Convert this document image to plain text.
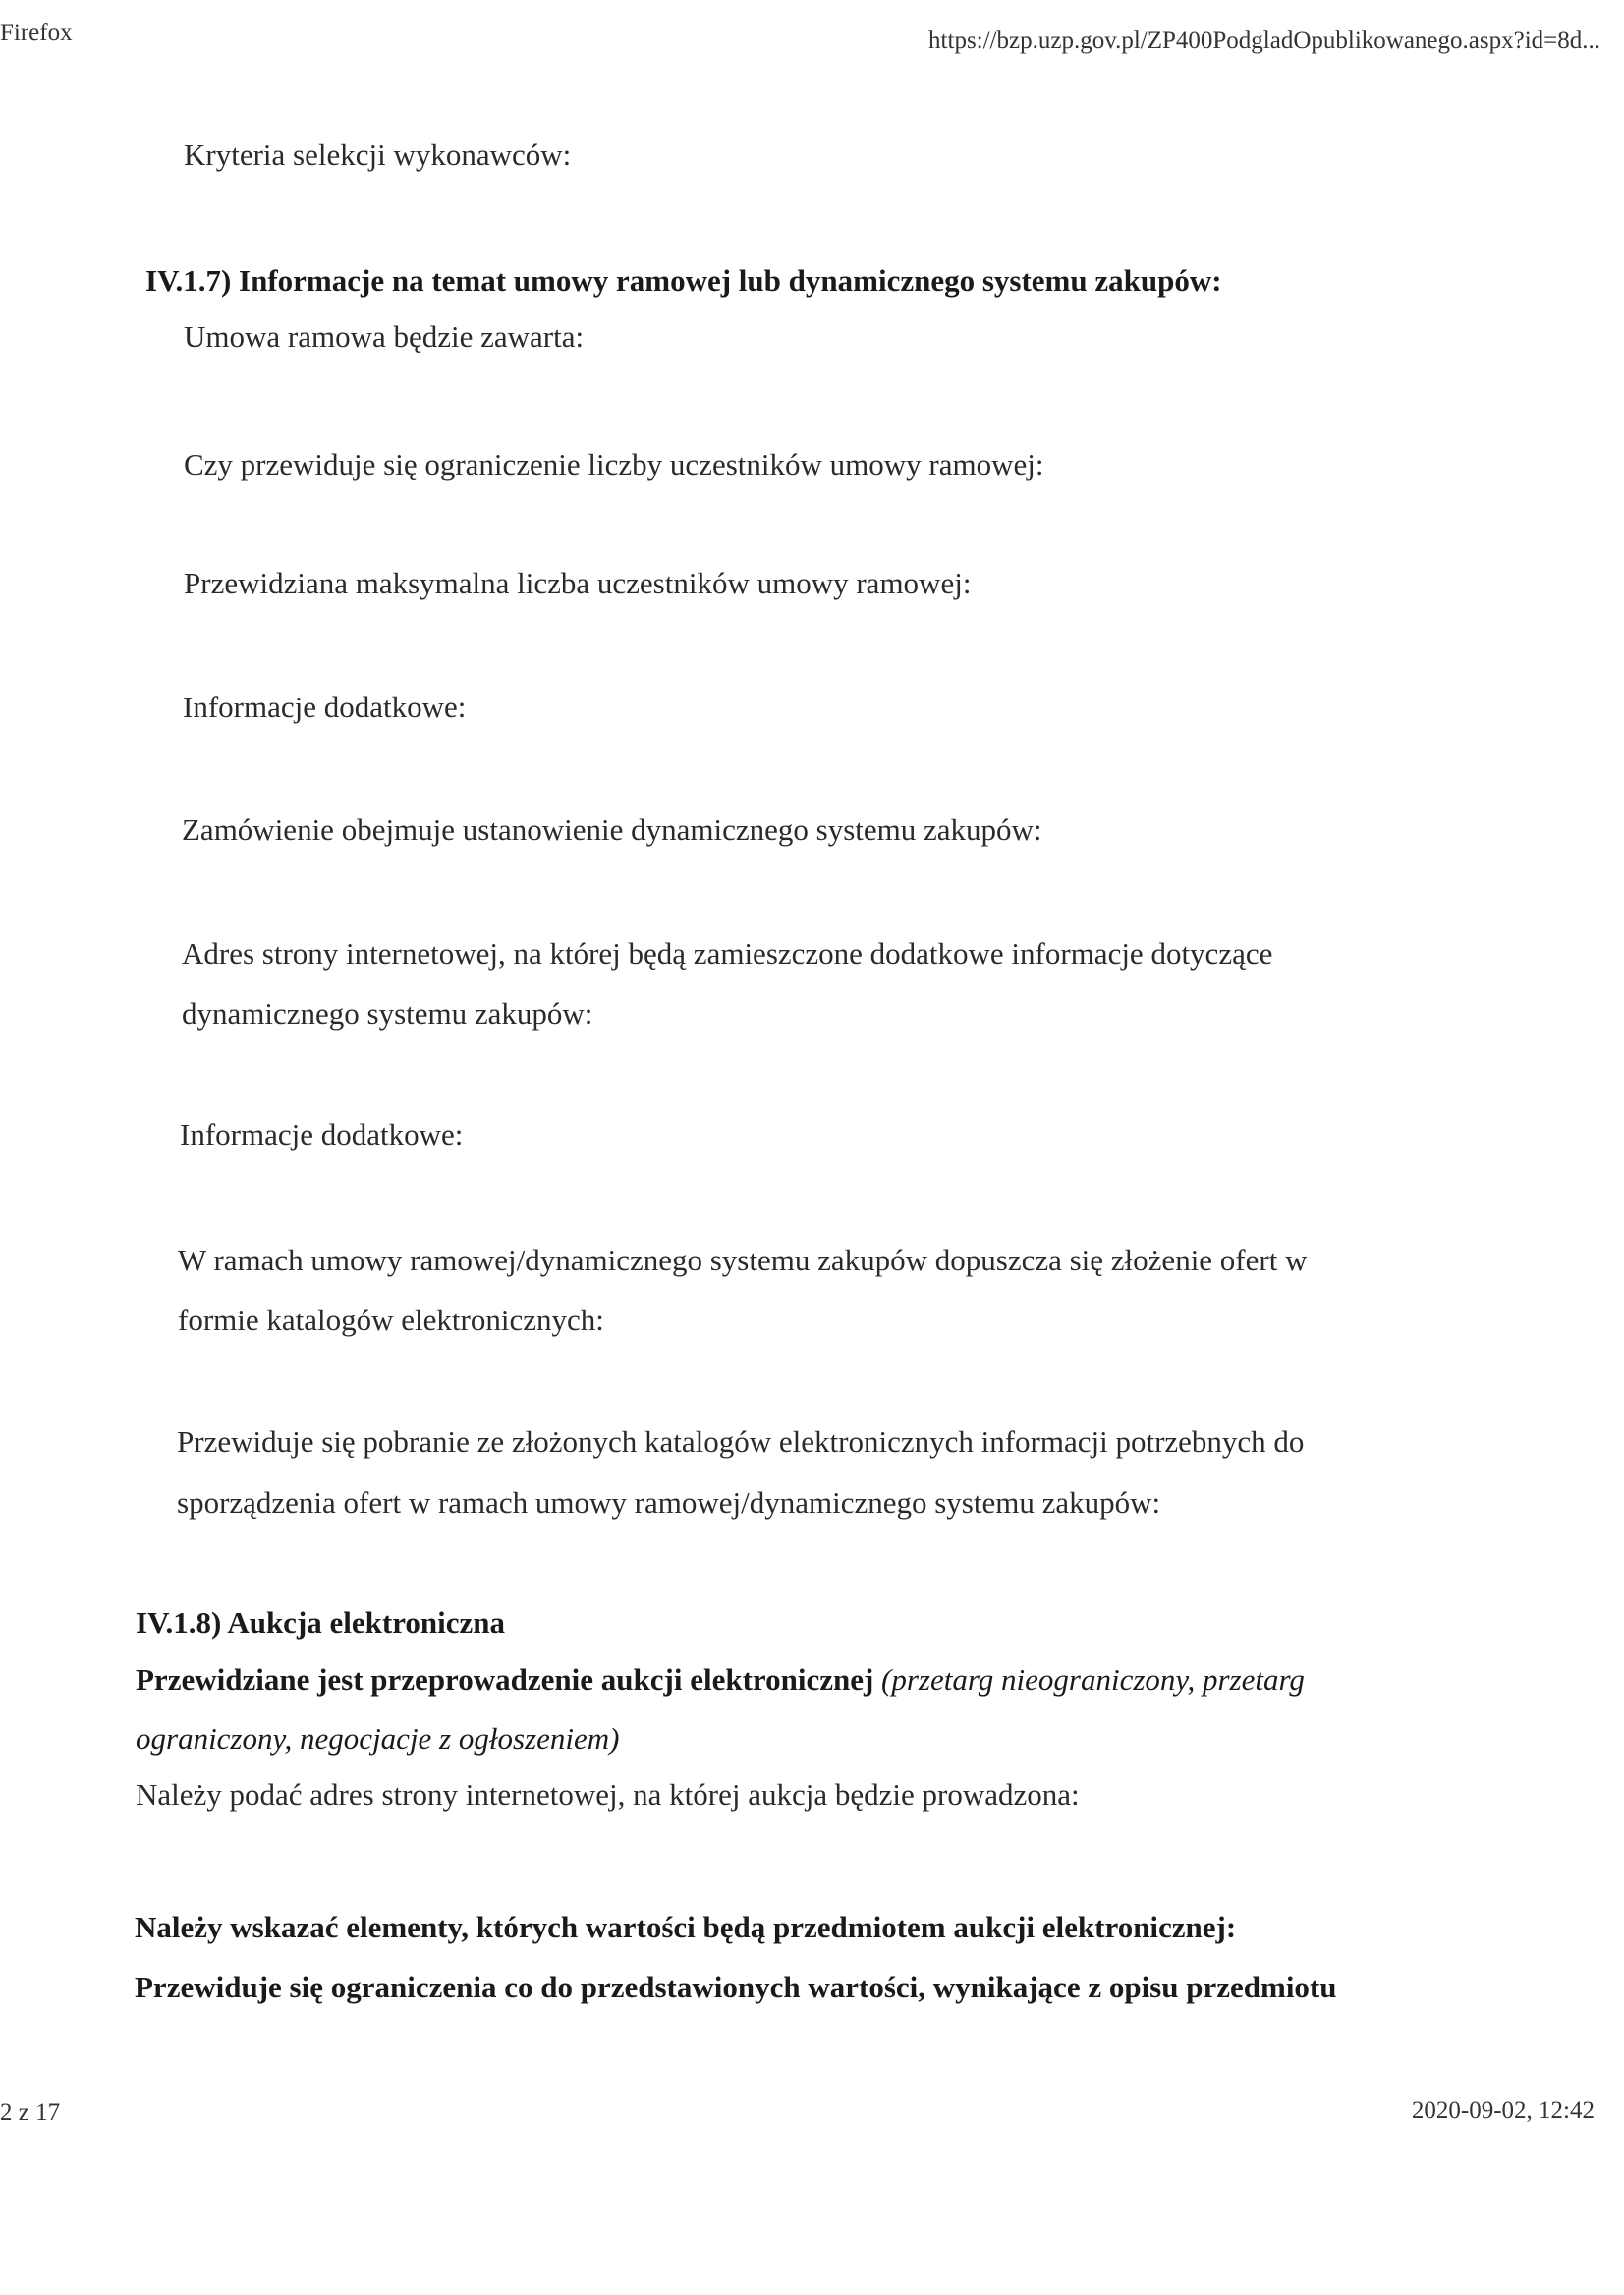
Firefox	https://bzp.uzp.gov.pl/ZP400PodgladOpublikowanego.aspx?id=8d...
Kryteria selekcji wykonawców:
IV.1.7) Informacje na temat umowy ramowej lub dynamicznego systemu zakupów:
Umowa ramowa będzie zawarta:
Czy przewiduje się ograniczenie liczby uczestników umowy ramowej:
Przewidziana maksymalna liczba uczestników umowy ramowej:
Informacje dodatkowe:
Zamówienie obejmuje ustanowienie dynamicznego systemu zakupów:
Adres strony internetowej, na której będą zamieszczone dodatkowe informacje dotyczące
dynamicznego systemu zakupów:
Informacje dodatkowe:
W ramach umowy ramowej/dynamicznego systemu zakupów dopuszcza się złożenie ofert w
formie katalogów elektronicznych:
Przewiduje się pobranie ze złożonych katalogów elektronicznych informacji potrzebnych do
sporządzenia ofert w ramach umowy ramowej/dynamicznego systemu zakupów:
IV.1.8) Aukcja elektroniczna
Przewidziane jest przeprowadzenie aukcji elektronicznej (przetarg nieograniczony, przetarg
ograniczony, negocjacje z ogłoszeniem)
Należy podać adres strony internetowej, na której aukcja będzie prowadzona:
Należy wskazać elementy, których wartości będą przedmiotem aukcji elektronicznej:
Przewiduje się ograniczenia co do przedstawionych wartości, wynikające z opisu przedmiotu
2 z 17	2020-09-02, 12:42
